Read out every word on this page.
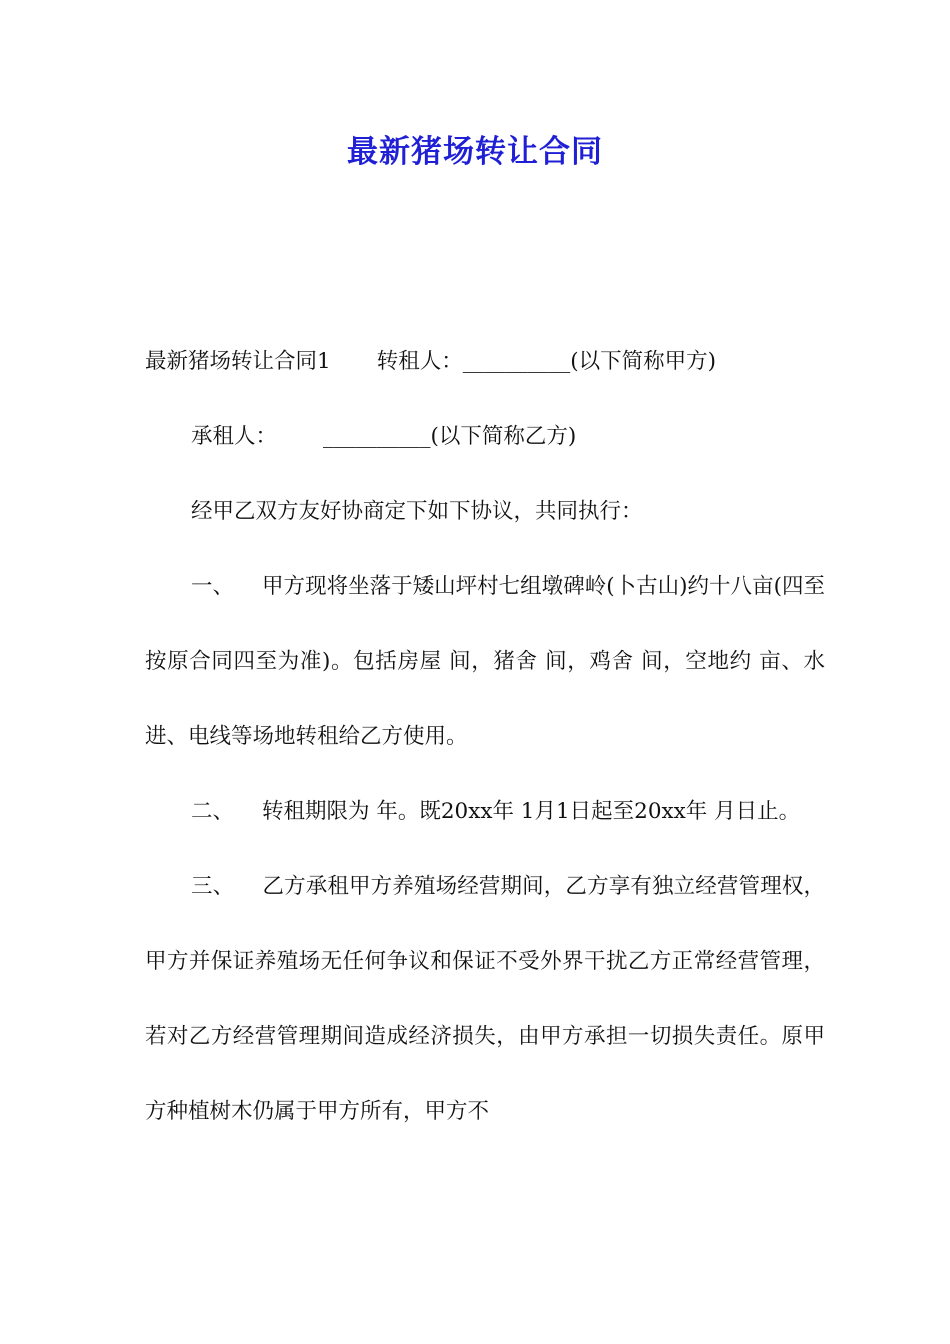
最新猪场转让合同

最新猪场转让合同1 转租人：__________(以下简称甲方)

承租人： __________(以下简称乙方)

经甲乙双方友好协商定下如下协议，共同执行：

一、 甲方现将坐落于矮山坪村七组墩碑岭(卜古山)约十八亩(四至按原合同四至为准)。包括房屋 间，猪舍 间，鸡舍 间，空地约 亩、水进、电线等场地转租给乙方使用。

二、 转租期限为 年。既20xx年 1月1日起至20xx年 月日止。

三、 乙方承租甲方养殖场经营期间，乙方享有独立经营管理权，甲方并保证养殖场无任何争议和保证不受外界干扰乙方正常经营管理，若对乙方经营管理期间造成经济损失，由甲方承担一切损失责任。原甲方种植树木仍属于甲方所有，甲方不
